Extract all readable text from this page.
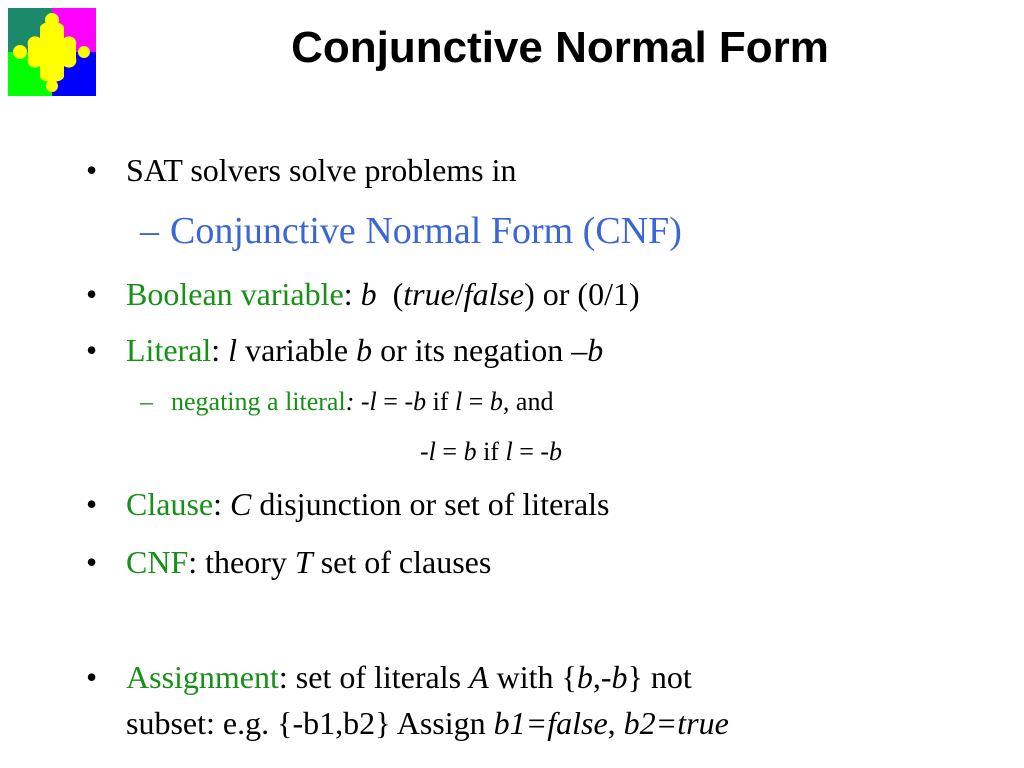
Conjunctive Normal Form
• SAT solvers solve problems in
– Conjunctive Normal Form (CNF)
• Boolean variable: b (true/false) or (0/1)
• Literal: l variable b or its negation –b
– negating a literal: -l = -b if l = b, and
-l = b if l = -b
• Clause: C disjunction or set of literals
• CNF: theory T set of clauses
• Assignment: set of literals A with {b,-b} not
subset: e.g. {-b1,b2} Assign b1=false, b2=true
